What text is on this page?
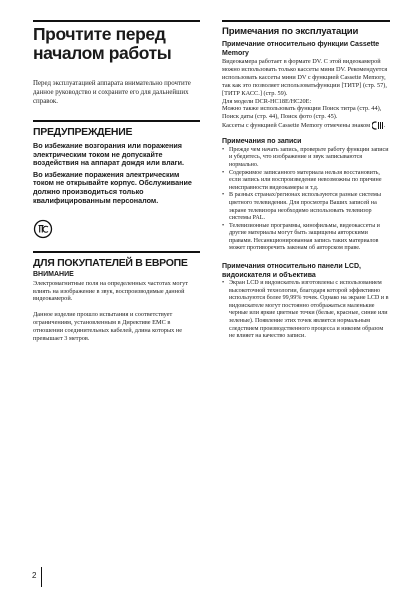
Прочтите перед началом работы

Перед эксплуатацией аппарата внимательно прочтите данное руководство и сохраните его для дальнейших справок.

ПРЕДУПРЕЖДЕНИЕ

Во избежание возгорания или поражения электрическим током не допускайте воздействия на аппарат дождя или влаги.

Во избежание поражения электрическим током не открывайте корпус. Обслуживание должно производиться только квалифицированным персоналом.

ДЛЯ ПОКУПАТЕЛЕЙ В ЕВРОПЕ
ВНИМАНИЕ

Электромагнитные поля на определенных частотах могут влиять на изображение в звук, воспроизводимые данной видеокамерой.

Данное изделие прошло испытания и соответствует ограничениям, установленным в Директиве ЕМС в отношении соединительных кабелей, длина которых не превышает 3 метров.

Примечания по эксплуатации
Примечание относительно функции Cassette Memory

Видеокамера работает в формате DV. С этой видеокамерой можно использовать только кассеты мини DV. Рекомендуется использовать кассеты мини DV с функцией Cassette Memory, так как это позволяет использоватьфункции [ТИТР] (стр. 57), [ТИТР КАСС.] (стр. 59).

Для модели DCR-HC18E/HC20E:

Можно также использовать функции Поиск титра (стр. 44), Поиск даты (стр. 44), Поиск фото (стр. 45).

Кассеты с функцией Cassette Memory отмечены знаком .

Примечания по записи
• Прежде чем начать запись, проверьте работу функции записи и убедитесь, что изображение и звук записываются нормально.
• Содержимое записанного материала нельзя восстановить, если запись или воспроизведение невозможны по причине неисправности видеокамеры и т.д.
• В разных странах/регионах используются разные системы цветного телевидения. Для просмотра Ваших записей на экране телевизора необходимо использовать телевизор системы PAL.
• Телевизионные программы, кинофильмы, видеокассеты и другие материалы могут быть защищены авторскими правами. Несанкционированная запись таких материалов может противоречить законам об авторском праве.
Примечания относительно панели LCD, видоискателя и объектива
• Экран LCD и видоискатель изготовлены с использованием высокоточной технологии, благодаря которой эффективно используются более 99,99% точек. Однако на экране LCD и в видоискателе могут постоянно отображаться маленькие черные или яркие цветные точки (белые, красные, синие или зеленые). Появление этих точек является нормальным следствием производственного процесса и никоим образом не влияет на качество записи.
2
